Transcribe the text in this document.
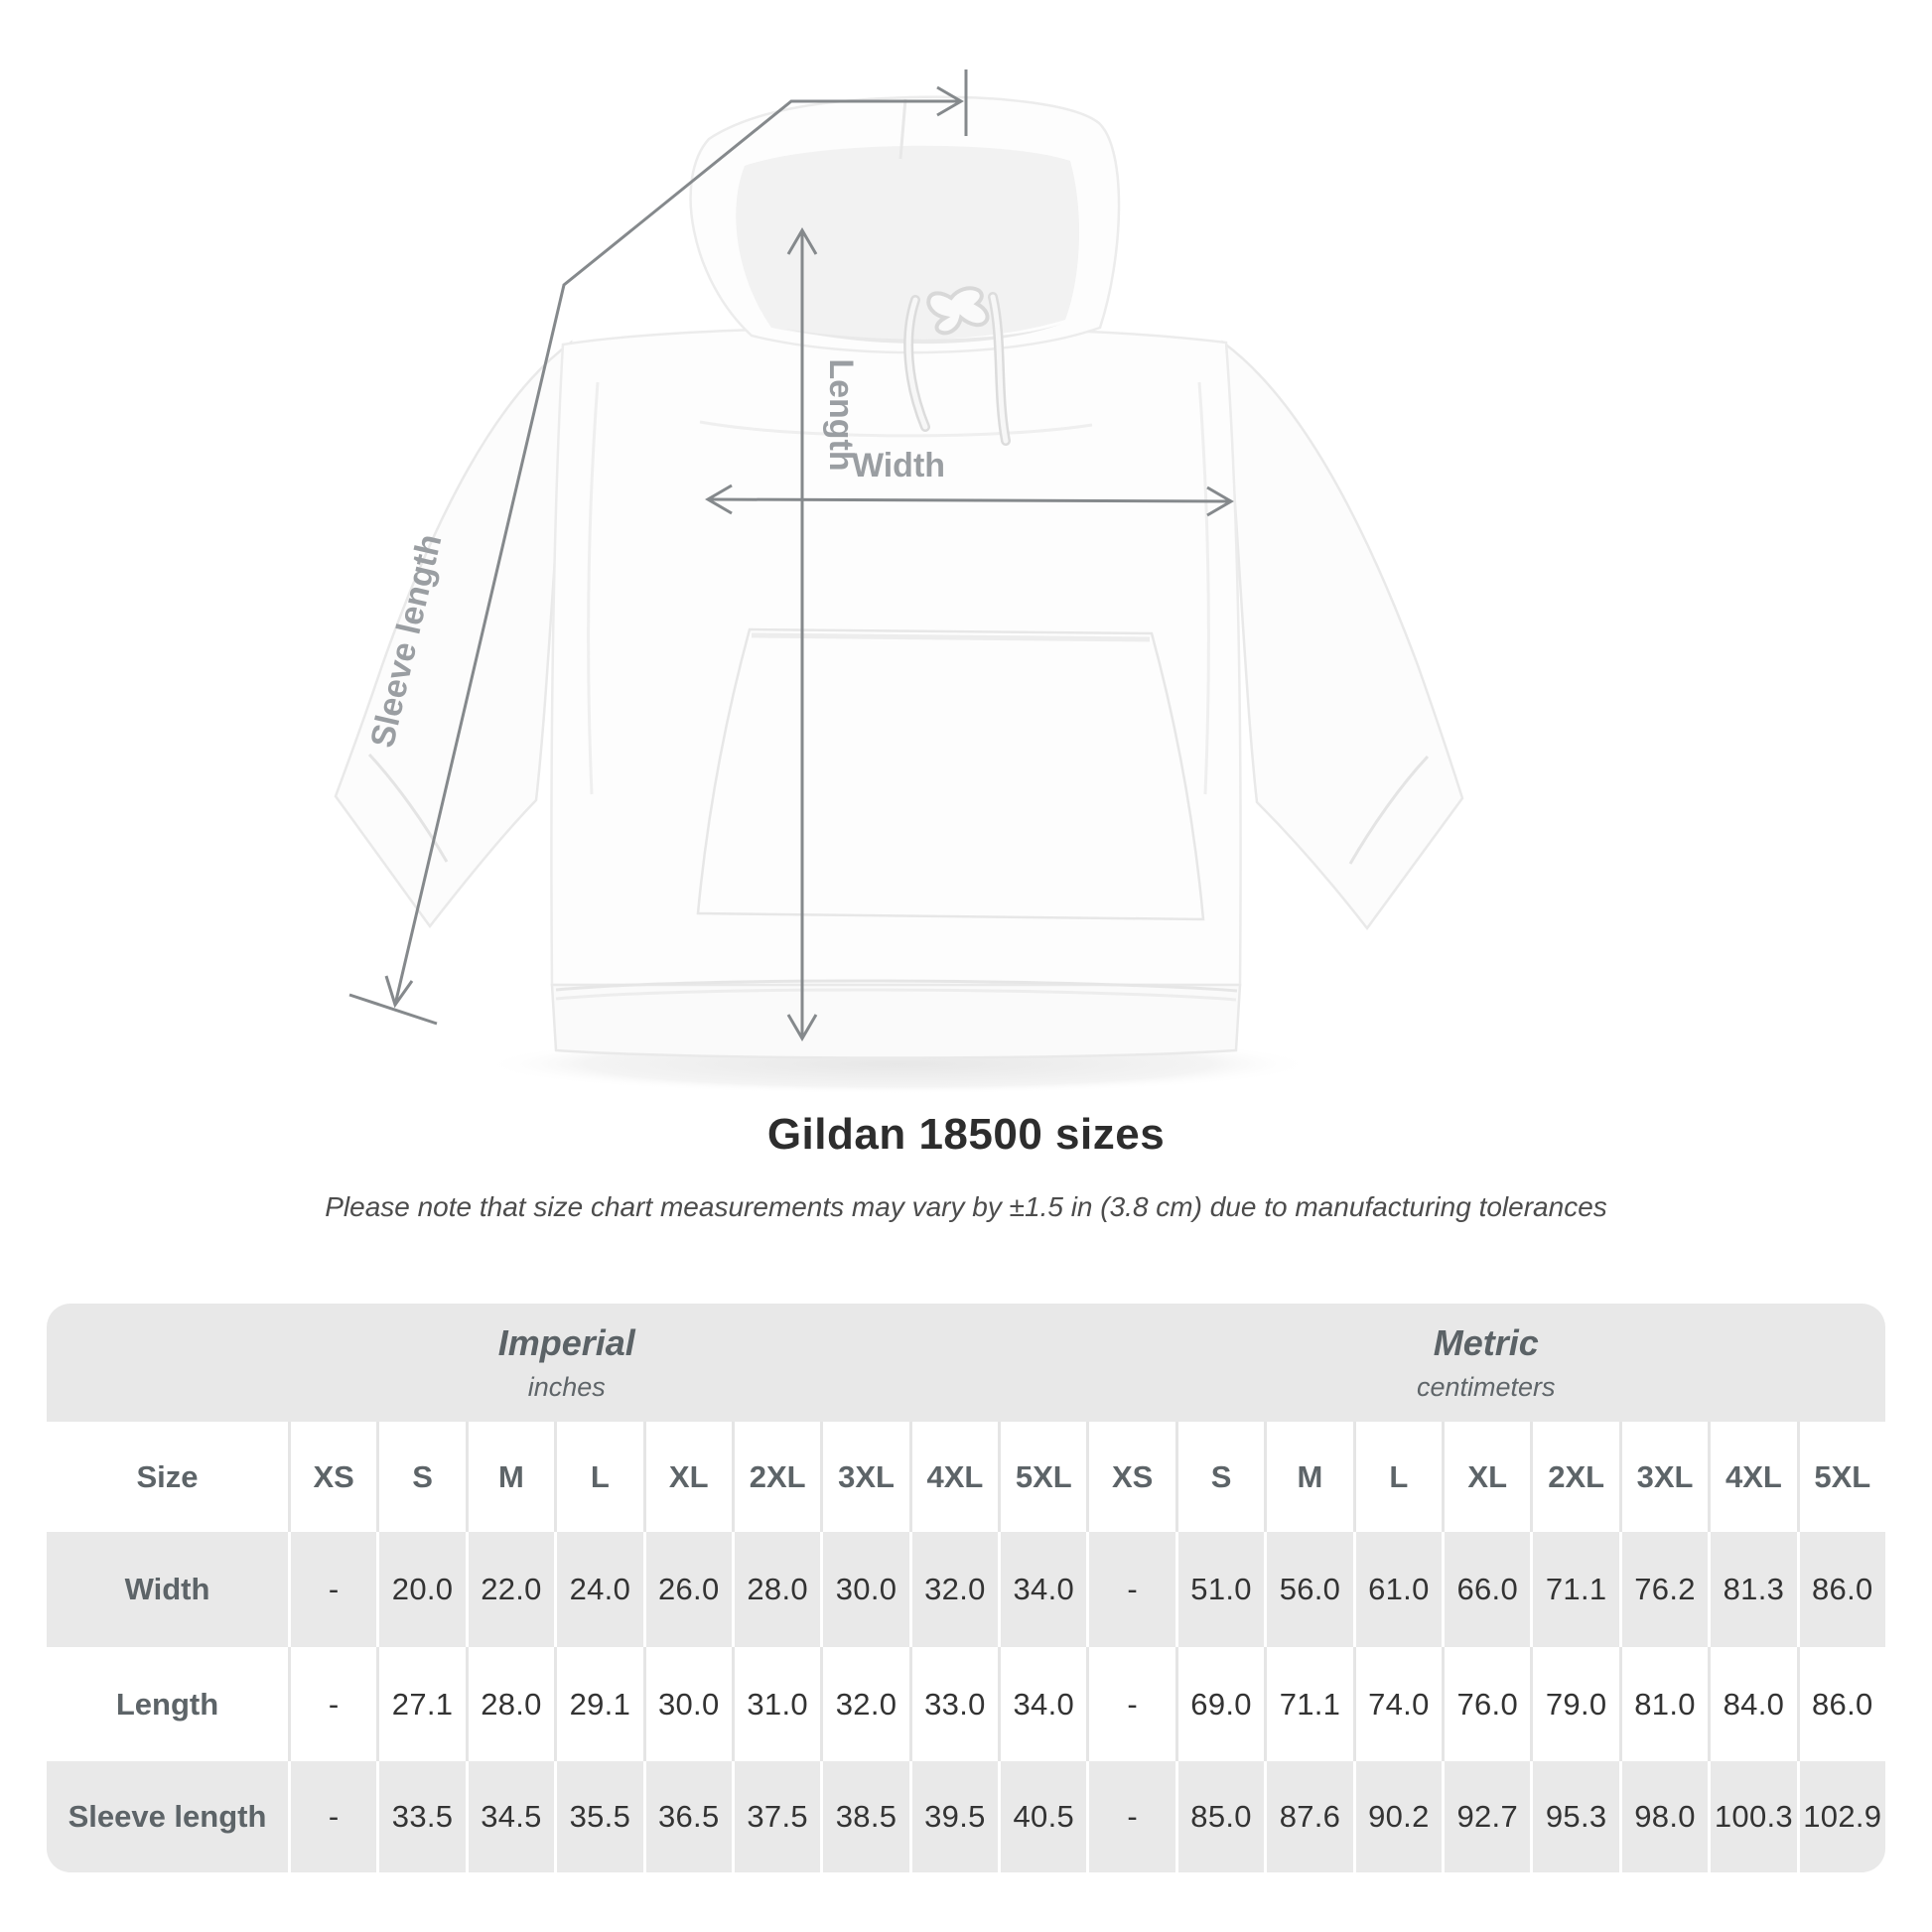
Sleeve length
Length
Width
Gildan 18500 sizes
Please note that size chart measurements may vary by ±1.5 in (3.8 cm) due to manufacturing tolerances
Imperial
inches
Metric
centimeters
Size	XS	S	M	L	XL	2XL	3XL	4XL	5XL	XS	S	M	L	XL	2XL	3XL	4XL	5XL
Width	-	20.0 22.0 24.0 26.0 28.0 30.0 32.0 34.0	-	51.0 56.0 61.0 66.0 71.1 76.2 81.3 86.0
Length	-	27.1 28.0 29.1 30.0 31.0 32.0 33.0 34.0	-	69.0 71.1 74.0 76.0 79.0 81.0 84.0 86.0
Sleeve length	-	33.5 34.5 35.5 36.5 37.5 38.5 39.5 40.5	-	85.0 87.6 90.2 92.7 95.3 98.0 100.3 102.9
